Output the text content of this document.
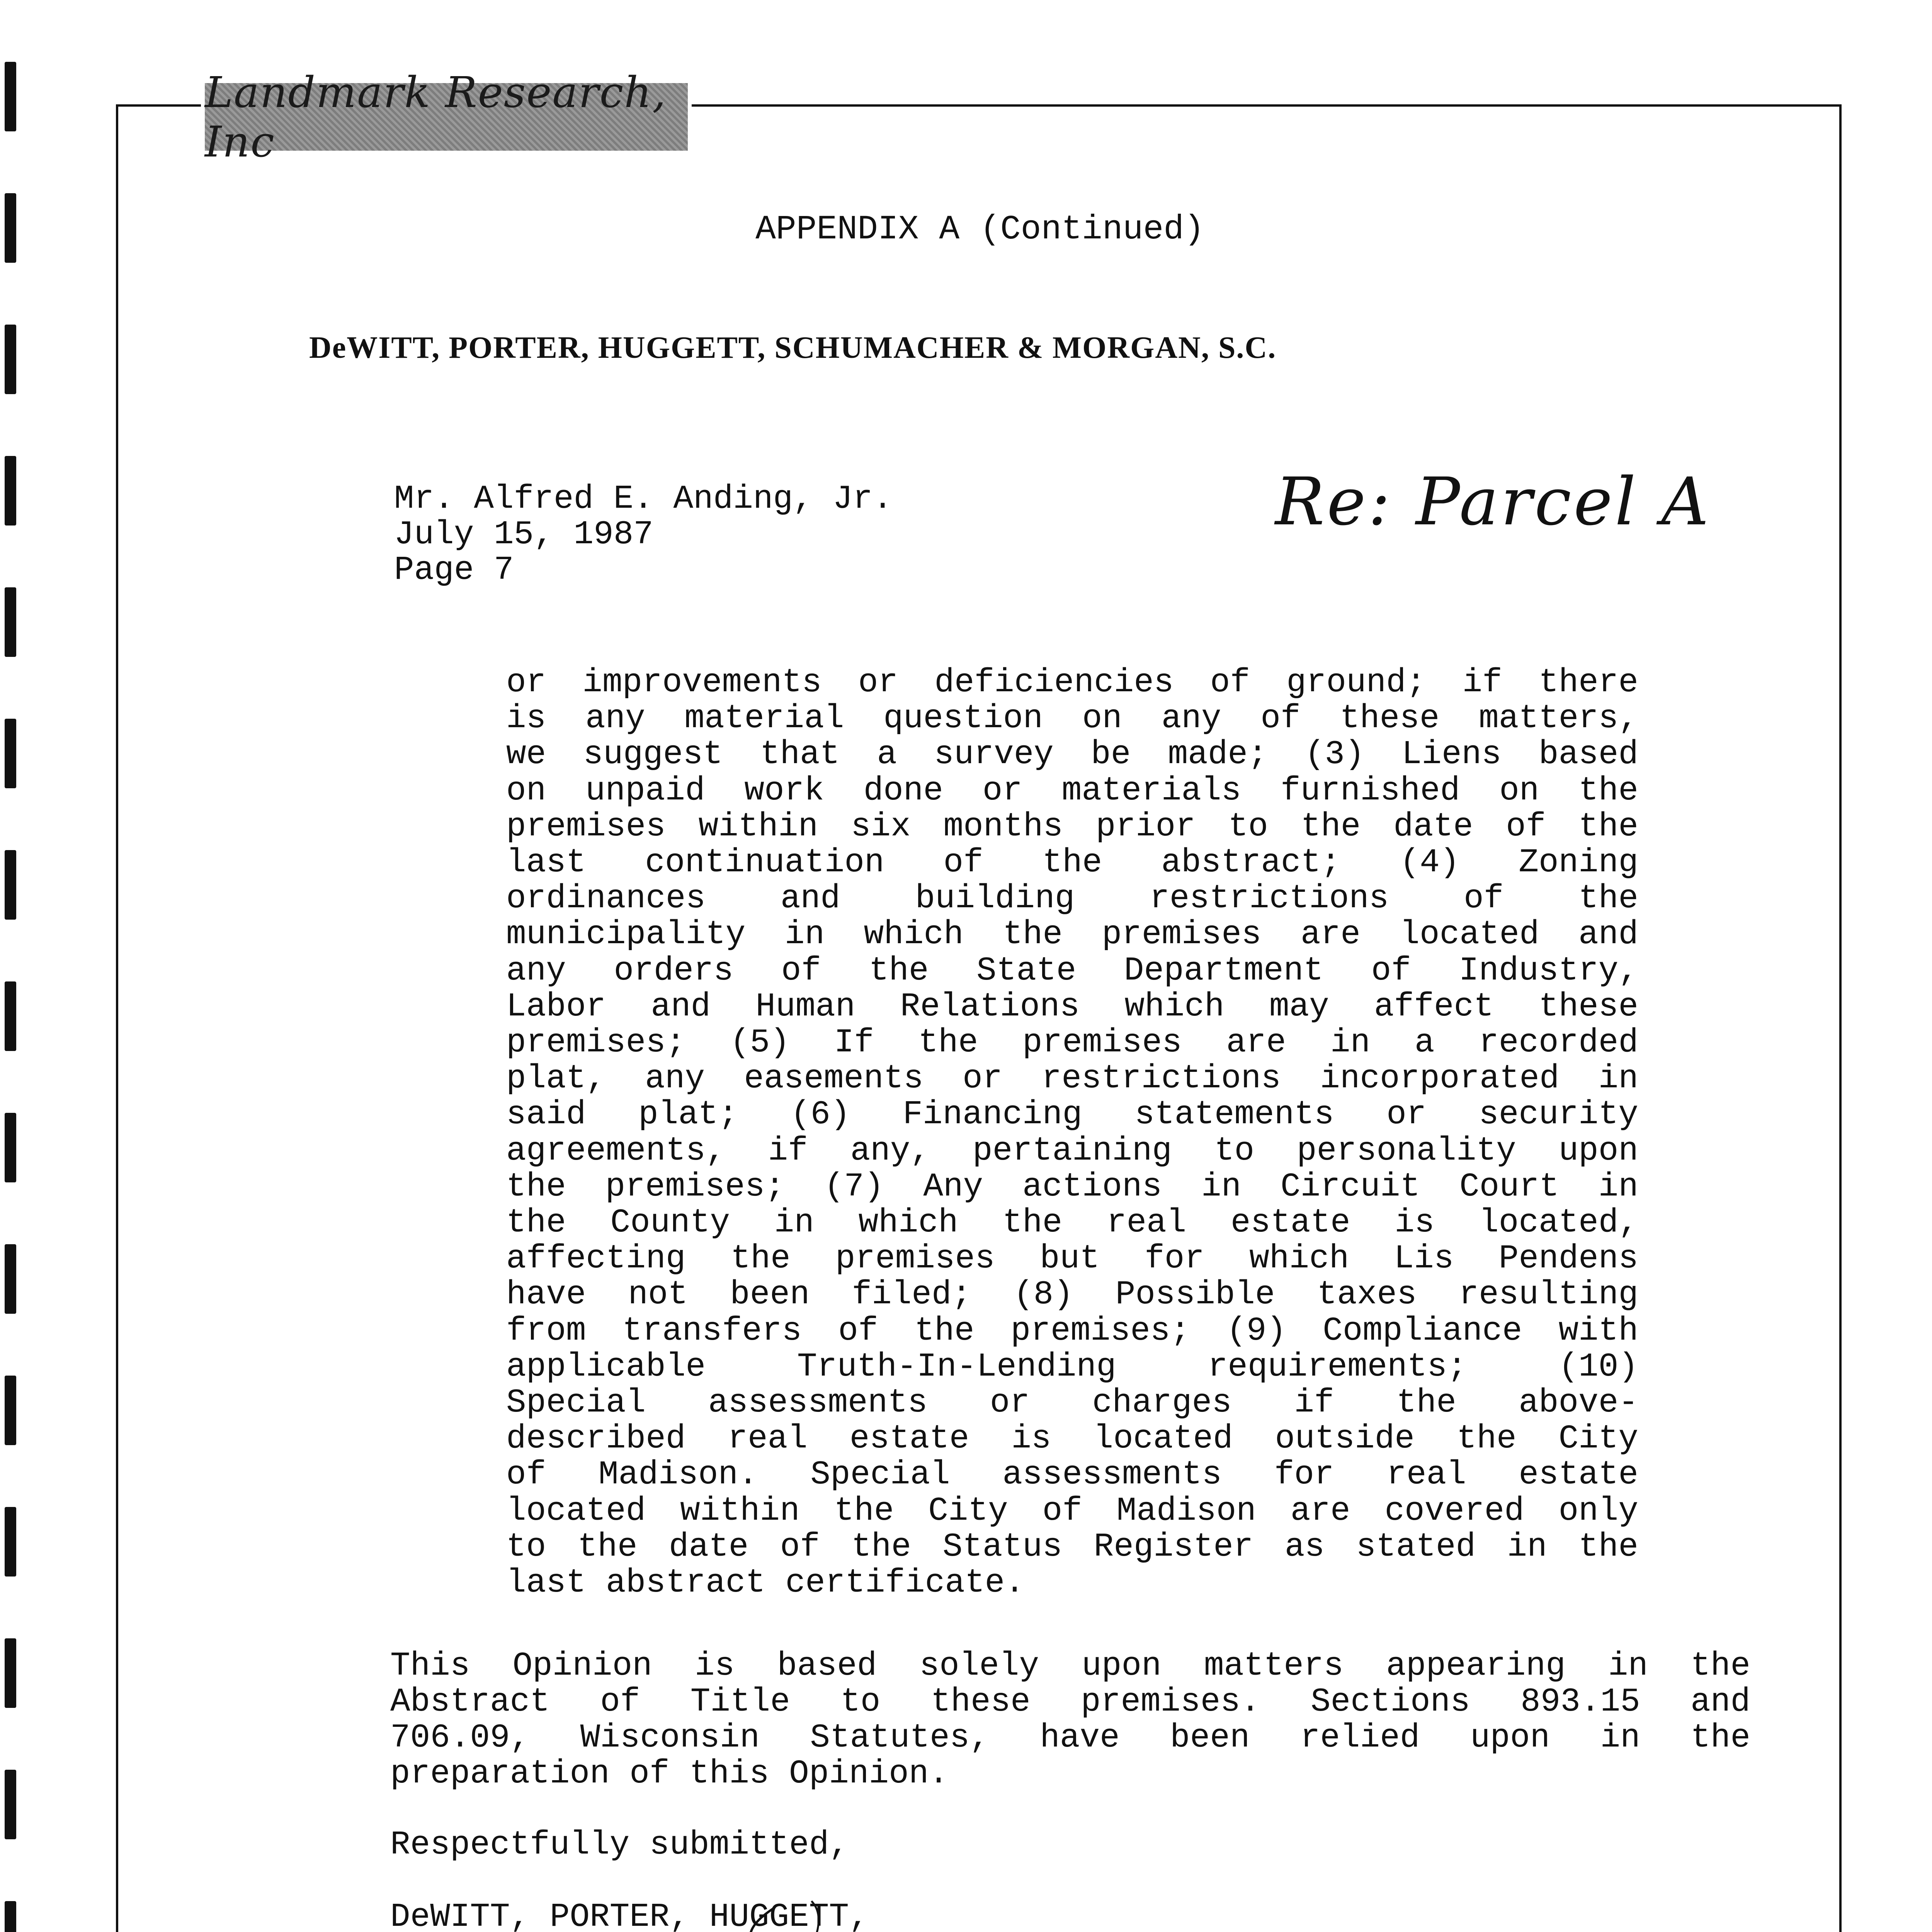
Landmark Research, Inc
APPENDIX A (Continued)
DeWITT, PORTER, HUGGETT, SCHUMACHER & MORGAN, S.C.
Mr. Alfred E. Anding, Jr.
July 15, 1987
Page 7
Re: Parcel A
or improvements or deficiencies of ground; if there
is any material question on any of these matters,
we suggest that a survey be made; (3) Liens based
on unpaid work done or materials furnished on the
premises within six months prior to the date of the
last continuation of the abstract; (4) Zoning
ordinances and building restrictions of the
municipality in which the premises are located and
any orders of the State Department of Industry,
Labor and Human Relations which may affect these
premises; (5) If the premises are in a recorded
plat, any easements or restrictions incorporated in
said plat; (6) Financing statements or security
agreements, if any, pertaining to personality upon
the premises; (7) Any actions in Circuit Court in
the County in which the real estate is located,
affecting the premises but for which Lis Pendens
have not been filed; (8) Possible taxes resulting
from transfers of the premises; (9) Compliance with
applicable Truth-In-Lending requirements; (10)
Special assessments or charges if the above-
described real estate is located outside the City
of Madison. Special assessments for real estate
located within the City of Madison are covered only
to the date of the Status Register as stated in the
last abstract certificate.
This Opinion is based solely upon matters appearing in the
Abstract of Title to these premises. Sections 893.15 and
706.09, Wisconsin Statutes, have been relied upon in the
preparation of this Opinion.
Respectfully submitted,
DeWITT, PORTER, HUGGETT,
